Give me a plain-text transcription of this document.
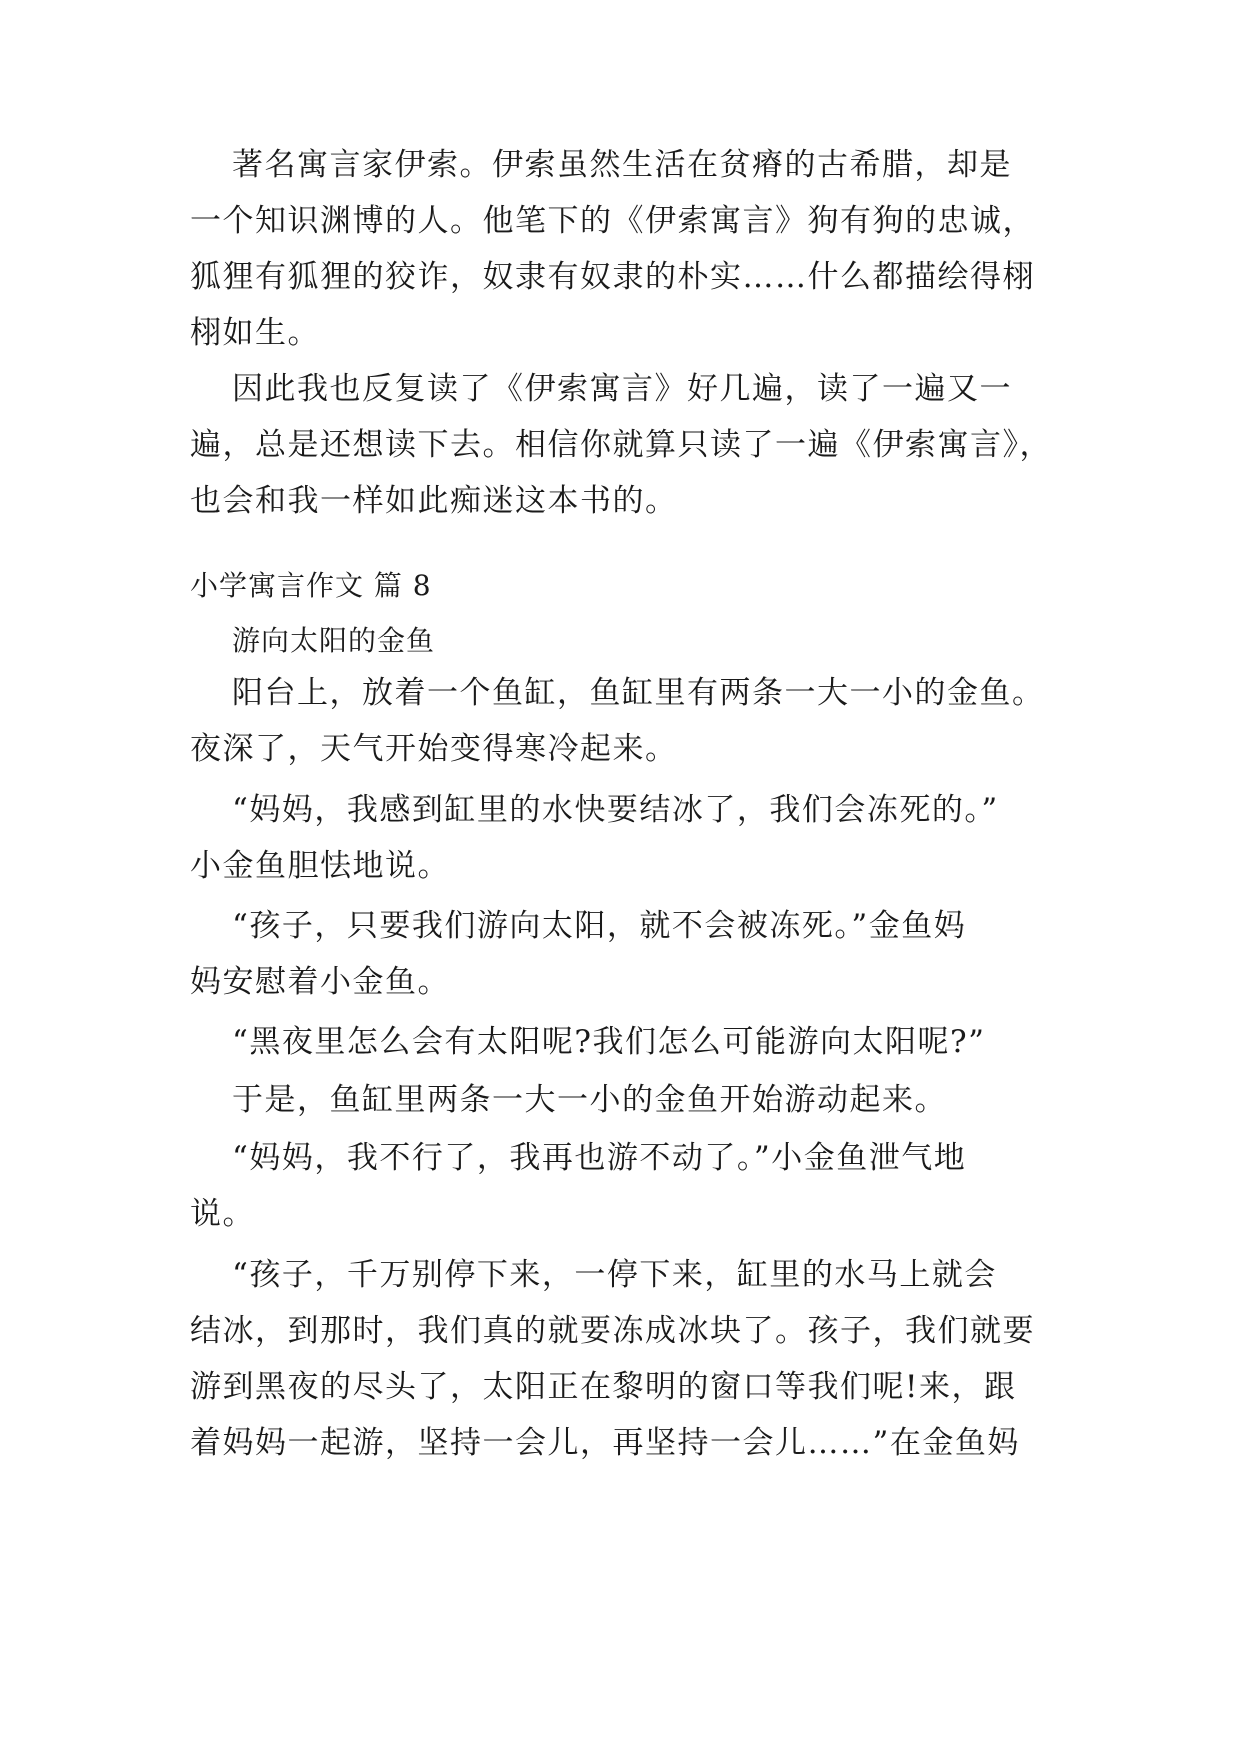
著名寓言家伊索。伊索虽然生活在贫瘠的古希腊，却是
一个知识渊博的人。他笔下的《伊索寓言》狗有狗的忠诚，
狐狸有狐狸的狡诈，奴隶有奴隶的朴实……什么都描绘得栩
栩如生。
因此我也反复读了《伊索寓言》好几遍，读了一遍又一
遍，总是还想读下去。相信你就算只读了一遍《伊索寓言》，
也会和我一样如此痴迷这本书的。
小学寓言作文 篇 8
游向太阳的金鱼
阳台上，放着一个鱼缸，鱼缸里有两条一大一小的金鱼。
夜深了，天气开始变得寒冷起来。
“妈妈，我感到缸里的水快要结冰了，我们会冻死的。”
小金鱼胆怯地说。
“孩子，只要我们游向太阳，就不会被冻死。”金鱼妈
妈安慰着小金鱼。
“黑夜里怎么会有太阳呢?我们怎么可能游向太阳呢?”
于是，鱼缸里两条一大一小的金鱼开始游动起来。
“妈妈，我不行了，我再也游不动了。”小金鱼泄气地
说。
“孩子，千万别停下来，一停下来，缸里的水马上就会
结冰，到那时，我们真的就要冻成冰块了。孩子，我们就要
游到黑夜的尽头了，太阳正在黎明的窗口等我们呢!来，跟
着妈妈一起游，坚持一会儿，再坚持一会儿……”在金鱼妈
